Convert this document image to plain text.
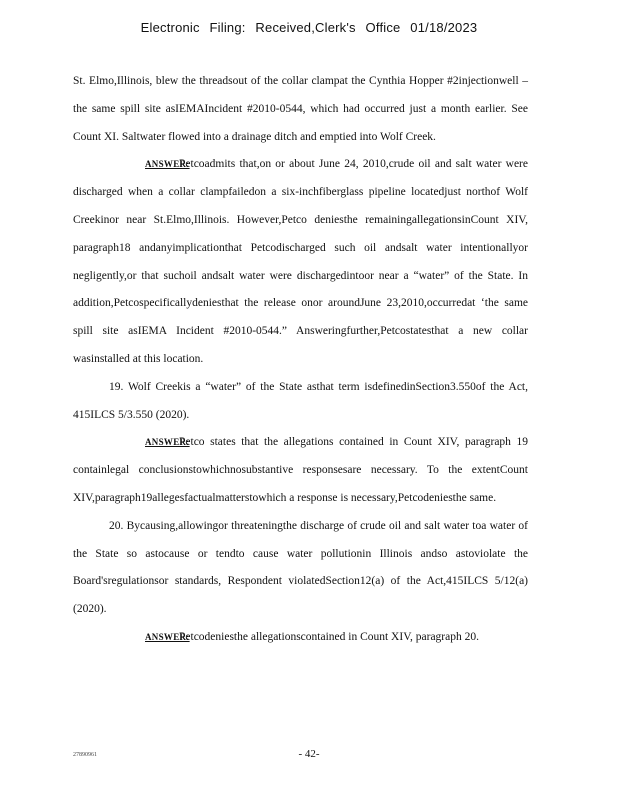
Electronic Filing: Received,Clerk's Office 01/18/2023

St. Elmo,Illinois, blew the threadsout of the collar clampat the Cynthia Hopper #2injectionwell – the same spill site asIEMAIncident #2010-0544, which had occurred just a month earlier. See Count XI. Saltwater flowed into a drainage ditch and emptied into Wolf Creek.

ANSWER:Petcoadmits that,on or about June 24, 2010,crude oil and salt water were discharged when a collar clampfailedon a six-inchfiberglass pipeline locatedjust northof Wolf Creekinor near St.Elmo,Illinois. However,Petco deniesthe remainingallegationsinCount XIV, paragraph18 andanyimplicationthat Petcodischarged such oil andsalt water intentionallyor negligently,or that suchoil andsalt water were dischargedintoor near a “water” of the State. In addition,Petcospecificallydeniesthat the release onor aroundJune 23,2010,occurredat ‘the same spill site asIEMA Incident #2010-0544.” Answeringfurther,Petcostatesthat a new collar wasinstalled at this location.

19. Wolf Creekis a “water” of the State asthat term isdefinedinSection3.550of the Act, 415ILCS 5/3.550 (2020).

ANSWER:Petco states that the allegations contained in Count XIV, paragraph 19 containlegal conclusionstowhichnosubstantive responsesare necessary. To the extentCount XIV,paragraph19allegesfactualmatterstowhich a response is necessary,Petcodeniesthe same.

20. Bycausing,allowingor threateningthe discharge of crude oil and salt water toa water of the State so astocause or tendto cause water pollutionin Illinois andso astoviolate the Board'sregulationsor standards, Respondent violatedSection12(a) of the Act,415ILCS 5/12(a) (2020).

ANSWER:Petcodeniesthe allegationscontained in Count XIV, paragraph 20.

27890961	- 42-
